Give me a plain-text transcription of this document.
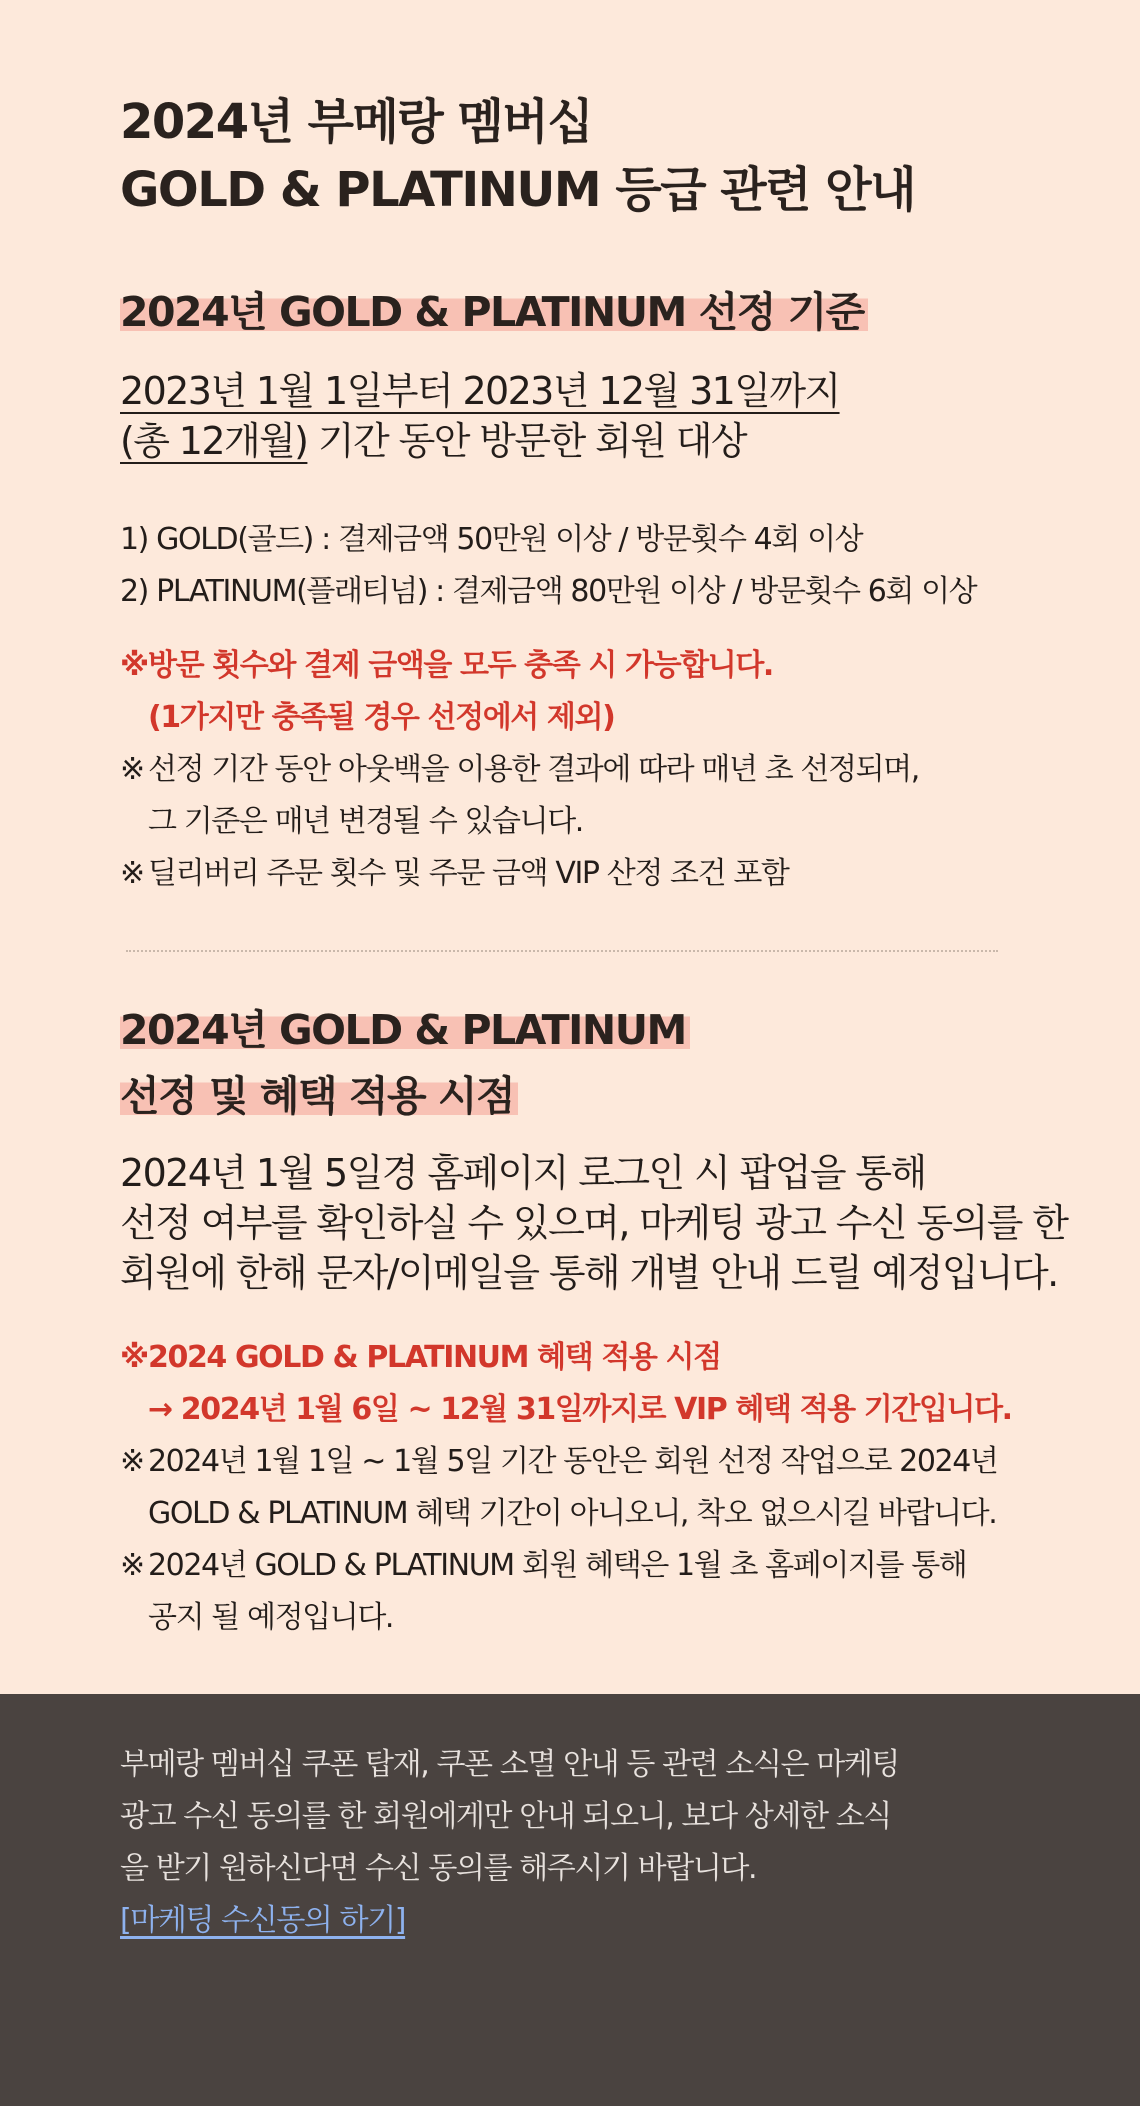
2024년 부메랑 멤버십
GOLD & PLATINUM 등급 관련 안내
2024년 GOLD & PLATINUM 선정 기준

2023년 1월 1일부터 2023년 12월 31일까지
(총 12개월) 기간 동안 방문한 회원 대상

1) GOLD(골드) : 결제금액 50만원 이상 / 방문횟수 4회 이상

2) PLATINUM(플래티넘) : 결제금액 80만원 이상 / 방문횟수 6회 이상

※방문 횟수와 결제 금액을 모두 충족 시 가능합니다.
(1가지만 충족될 경우 선정에서 제외)

※ 선정 기간 동안 아웃백을 이용한 결과에 따라 매년 초 선정되며,
그 기준은 매년 변경될 수 있습니다.

※ 딜리버리 주문 횟수 및 주문 금액 VIP 산정 조건 포함

2024년 GOLD & PLATINUM
선정 및 혜택 적용 시점

2024년 1월 5일경 홈페이지 로그인 시 팝업을 통해
선정 여부를 확인하실 수 있으며, 마케팅 광고 수신 동의를 한
회원에 한해 문자/이메일을 통해 개별 안내 드릴 예정입니다.

※2024 GOLD & PLATINUM 혜택 적용 시점
→ 2024년 1월 6일 ~ 12월 31일까지로 VIP 혜택 적용 기간입니다.

※ 2024년 1월 1일 ~ 1월 5일 기간 동안은 회원 선정 작업으로 2024년
GOLD & PLATINUM 혜택 기간이 아니오니, 착오 없으시길 바랍니다.

※ 2024년 GOLD & PLATINUM 회원 혜택은 1월 초 홈페이지를 통해
공지 될 예정입니다.

부메랑 멤버십 쿠폰 탑재, 쿠폰 소멸 안내 등 관련 소식은 마케팅
광고 수신 동의를 한 회원에게만 안내 되오니, 보다 상세한 소식
을 받기 원하신다면 수신 동의를 해주시기 바랍니다.

[마케팅 수신동의 하기]
